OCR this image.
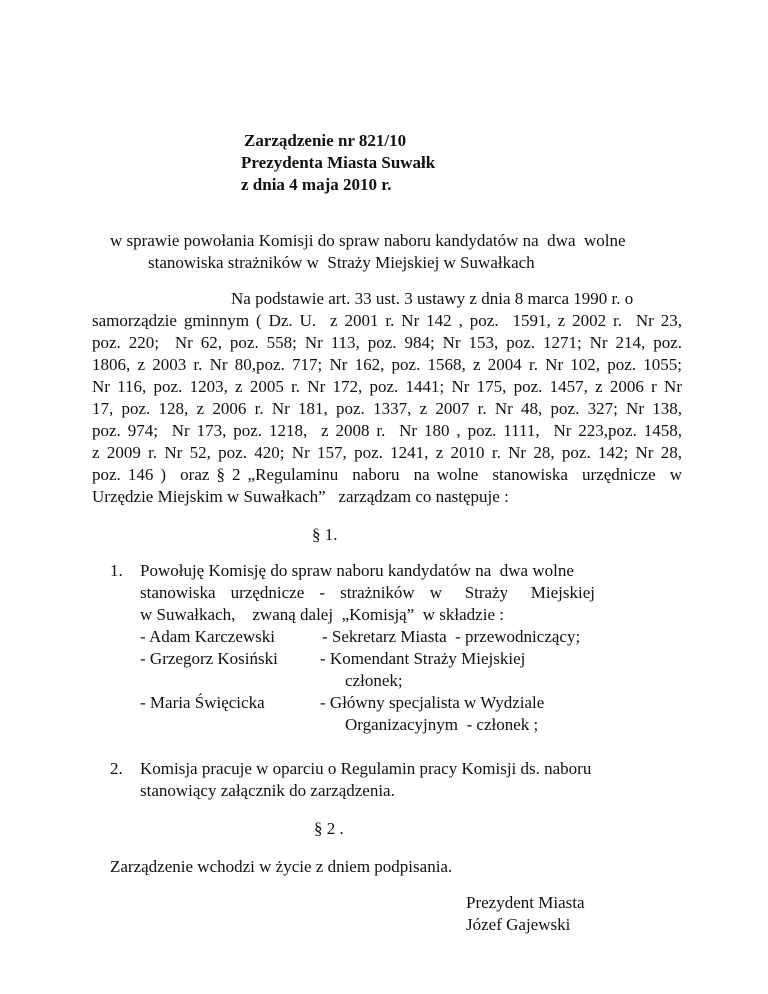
Zarządzenie nr 821/10
Prezydenta Miasta Suwałk
z dnia 4 maja 2010 r.
w sprawie powołania Komisji do spraw naboru kandydatów na  dwa  wolne
stanowiska strażników w  Straży Miejskiej w Suwałkach
Na podstawie art. 33 ust. 3 ustawy z dnia 8 marca 1990 r. o
samorządzie gminnym ( Dz. U.  z 2001 r. Nr 142 , poz.  1591, z 2002 r.  Nr 23,
poz. 220;  Nr 62, poz. 558; Nr 113, poz. 984; Nr 153, poz. 1271; Nr 214, poz.
1806, z 2003 r. Nr 80,poz. 717; Nr 162, poz. 1568, z 2004 r. Nr 102, poz. 1055;
Nr 116, poz. 1203, z 2005 r. Nr 172, poz. 1441; Nr 175, poz. 1457, z 2006 r Nr
17, poz. 128, z 2006 r. Nr 181, poz. 1337, z 2007 r. Nr 48, poz. 327; Nr 138,
poz. 974;  Nr 173, poz. 1218,  z 2008 r.  Nr 180 , poz. 1111,  Nr 223,poz. 1458,
z 2009 r. Nr 52, poz. 420; Nr 157, poz. 1241, z 2010 r. Nr 28, poz. 142; Nr 28,
poz. 146 )  oraz § 2 „Regulaminu  naboru  na wolne  stanowiska  urzędnicze  w
Urzędzie Miejskim w Suwałkach”   zarządzam co następuje :
§ 1.
1. Powołuję Komisję do spraw naboru kandydatów na  dwa wolne
stanowiska  urzędnicze  -  strażników  w   Straży   Miejskiej
w Suwałkach,    zwaną dalej  „Komisją”  w składzie :
- Adam Karczewski	- Sekretarz Miasta  - przewodniczący;
- Grzegorz Kosiński - Komendant Straży Miejskiej
członek;
- Maria Święcicka	- Główny specjalista w Wydziale
Organizacyjnym  - członek ;
2. Komisja pracuje w oparciu o Regulamin pracy Komisji ds. naboru
stanowiący załącznik do zarządzenia.
§ 2 .
Zarządzenie wchodzi w życie z dniem podpisania.
Prezydent Miasta
Józef Gajewski
